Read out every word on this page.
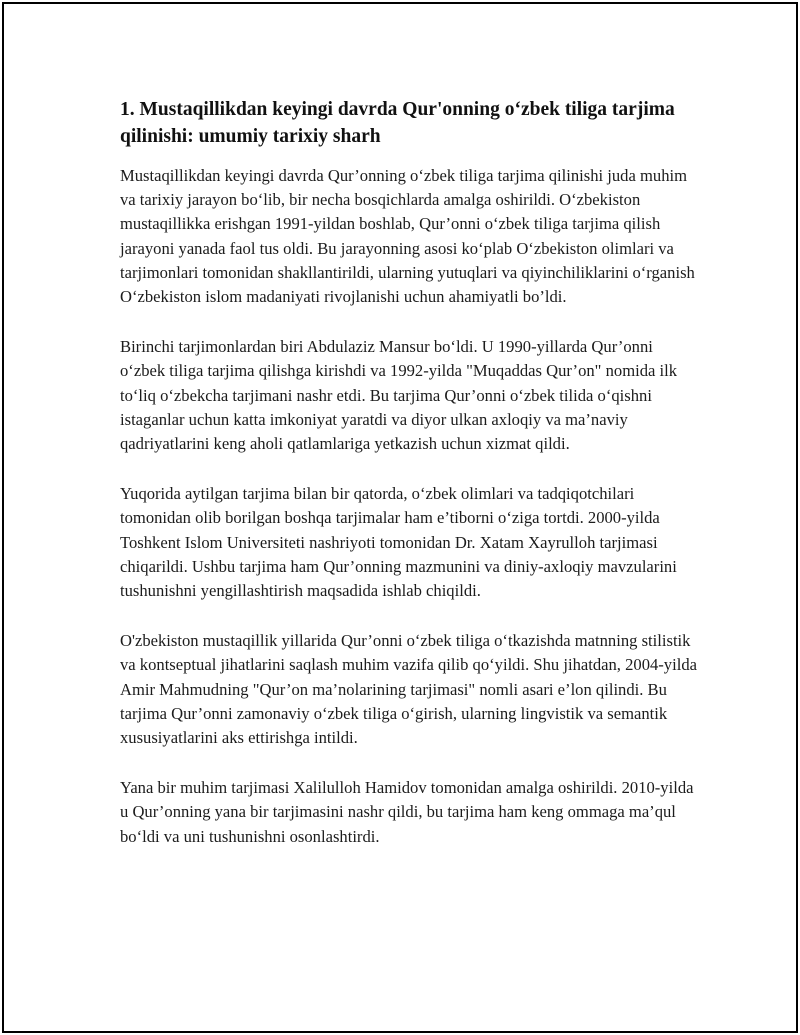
1. Mustaqillikdan keyingi davrda Qur'onning o‘zbek tiliga tarjima qilinishi: umumiy tarixiy sharh

Mustaqillikdan keyingi davrda Qur’onning o‘zbek tiliga tarjima qilinishi juda muhim va tarixiy jarayon bo‘lib, bir necha bosqichlarda amalga oshirildi. O‘zbekiston mustaqillikka erishgan 1991-yildan boshlab, Qur’onni o‘zbek tiliga tarjima qilish jarayoni yanada faol tus oldi. Bu jarayonning asosi ko‘plab O‘zbekiston olimlari va tarjimonlari tomonidan shakllantirildi, ularning yutuqlari va qiyinchiliklarini o‘rganish O‘zbekiston islom madaniyati rivojlanishi uchun ahamiyatli bo’ldi.

Birinchi tarjimonlardan biri Abdulaziz Mansur bo‘ldi. U 1990-yillarda Qur’onni o‘zbek tiliga tarjima qilishga kirishdi va 1992-yilda "Muqaddas Qur’on" nomida ilk to‘liq o‘zbekcha tarjimani nashr etdi. Bu tarjima Qur’onni o‘zbek tilida o‘qishni istaganlar uchun katta imkoniyat yaratdi va diyor ulkan axloqiy va ma’naviy qadriyatlarini keng aholi qatlamlariga yetkazish uchun xizmat qildi.

Yuqorida aytilgan tarjima bilan bir qatorda, o‘zbek olimlari va tadqiqotchilari tomonidan olib borilgan boshqa tarjimalar ham e’tiborni o‘ziga tortdi. 2000-yilda Toshkent Islom Universiteti nashriyoti tomonidan Dr. Xatam Xayrulloh tarjimasi chiqarildi. Ushbu tarjima ham Qur’onning mazmunini va diniy-axloqiy mavzularini tushunishni yengillashtirish maqsadida ishlab chiqildi.

O'zbekiston mustaqillik yillarida Qur’onni o‘zbek tiliga o‘tkazishda matnning stilistik va kontseptual jihatlarini saqlash muhim vazifa qilib qo‘yildi. Shu jihatdan, 2004-yilda Amir Mahmudning "Qur’on ma’nolarining tarjimasi" nomli asari e’lon qilindi. Bu tarjima Qur’onni zamonaviy o‘zbek tiliga o‘girish, ularning lingvistik va semantik xususiyatlarini aks ettirishga intildi.

Yana bir muhim tarjimasi Xalilulloh Hamidov tomonidan amalga oshirildi. 2010-yilda u Qur’onning yana bir tarjimasini nashr qildi, bu tarjima ham keng ommaga ma’qul bo‘ldi va uni tushunishni osonlashtirdi.
